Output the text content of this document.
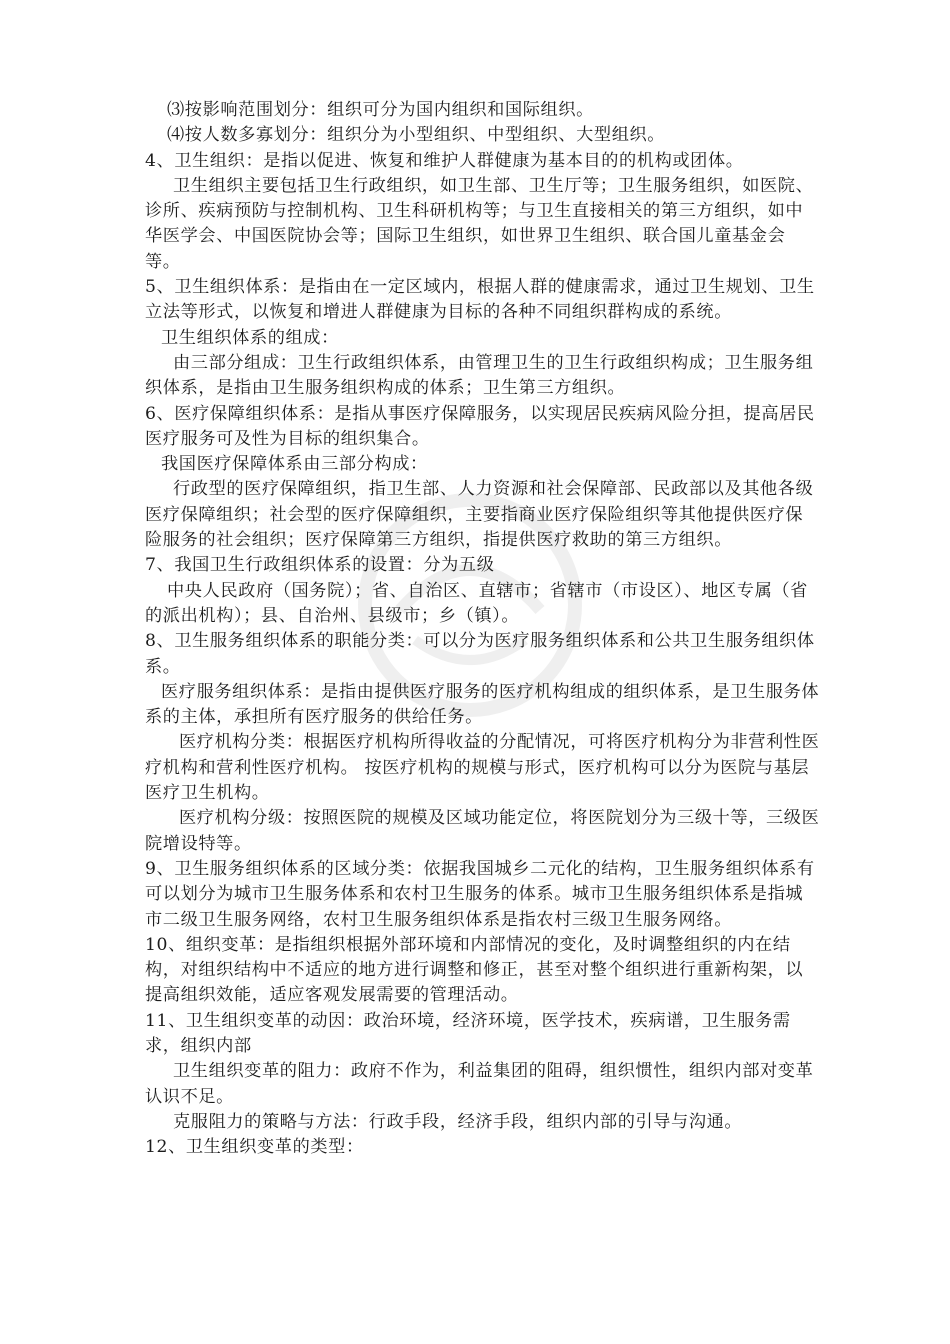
⑶按影响范围划分：组织可分为国内组织和国际组织。

⑷按人数多寡划分：组织分为小型组织、中型组织、大型组织。

4、卫生组织：是指以促进、恢复和维护人群健康为基本目的的机构或团体。

卫生组织主要包括卫生行政组织，如卫生部、卫生厅等；卫生服务组织，如医院、诊所、疾病预防与控制机构、卫生科研机构等；与卫生直接相关的第三方组织，如中华医学会、中国医院协会等；国际卫生组织，如世界卫生组织、联合国儿童基金会等。

5、卫生组织体系：是指由在一定区域内，根据人群的健康需求，通过卫生规划、卫生立法等形式，以恢复和增进人群健康为目标的各种不同组织群构成的系统。

卫生组织体系的组成：

由三部分组成：卫生行政组织体系，由管理卫生的卫生行政组织构成；卫生服务组织体系，是指由卫生服务组织构成的体系；卫生第三方组织。

6、医疗保障组织体系：是指从事医疗保障服务，以实现居民疾病风险分担，提高居民医疗服务可及性为目标的组织集合。

我国医疗保障体系由三部分构成：

行政型的医疗保障组织，指卫生部、人力资源和社会保障部、民政部以及其他各级医疗保障组织；社会型的医疗保障组织，主要指商业医疗保险组织等其他提供医疗保险服务的社会组织；医疗保障第三方组织，指提供医疗救助的第三方组织。

7、我国卫生行政组织体系的设置：分为五级

中央人民政府（国务院）；省、自治区、直辖市；省辖市（市设区）、地区专属（省的派出机构）；县、自治州、县级市；乡（镇）。

8、卫生服务组织体系的职能分类：可以分为医疗服务组织体系和公共卫生服务组织体系。

医疗服务组织体系：是指由提供医疗服务的医疗机构组成的组织体系，是卫生服务体系的主体，承担所有医疗服务的供给任务。

医疗机构分类：根据医疗机构所得收益的分配情况，可将医疗机构分为非营利性医疗机构和营利性医疗机构。 按医疗机构的规模与形式，医疗机构可以分为医院与基层医疗卫生机构。

医疗机构分级：按照医院的规模及区域功能定位，将医院划分为三级十等，三级医院增设特等。

9、卫生服务组织体系的区域分类：依据我国城乡二元化的结构，卫生服务组织体系有可以划分为城市卫生服务体系和农村卫生服务的体系。城市卫生服务组织体系是指城市二级卫生服务网络，农村卫生服务组织体系是指农村三级卫生服务网络。

10、组织变革：是指组织根据外部环境和内部情况的变化，及时调整组织的内在结构，对组织结构中不适应的地方进行调整和修正，甚至对整个组织进行重新构架，以提高组织效能，适应客观发展需要的管理活动。

11、卫生组织变革的动因：政治环境，经济环境，医学技术，疾病谱，卫生服务需求，组织内部

卫生组织变革的阻力：政府不作为，利益集团的阻碍，组织惯性，组织内部对变革认识不足。

克服阻力的策略与方法：行政手段，经济手段，组织内部的引导与沟通。

12、卫生组织变革的类型：
